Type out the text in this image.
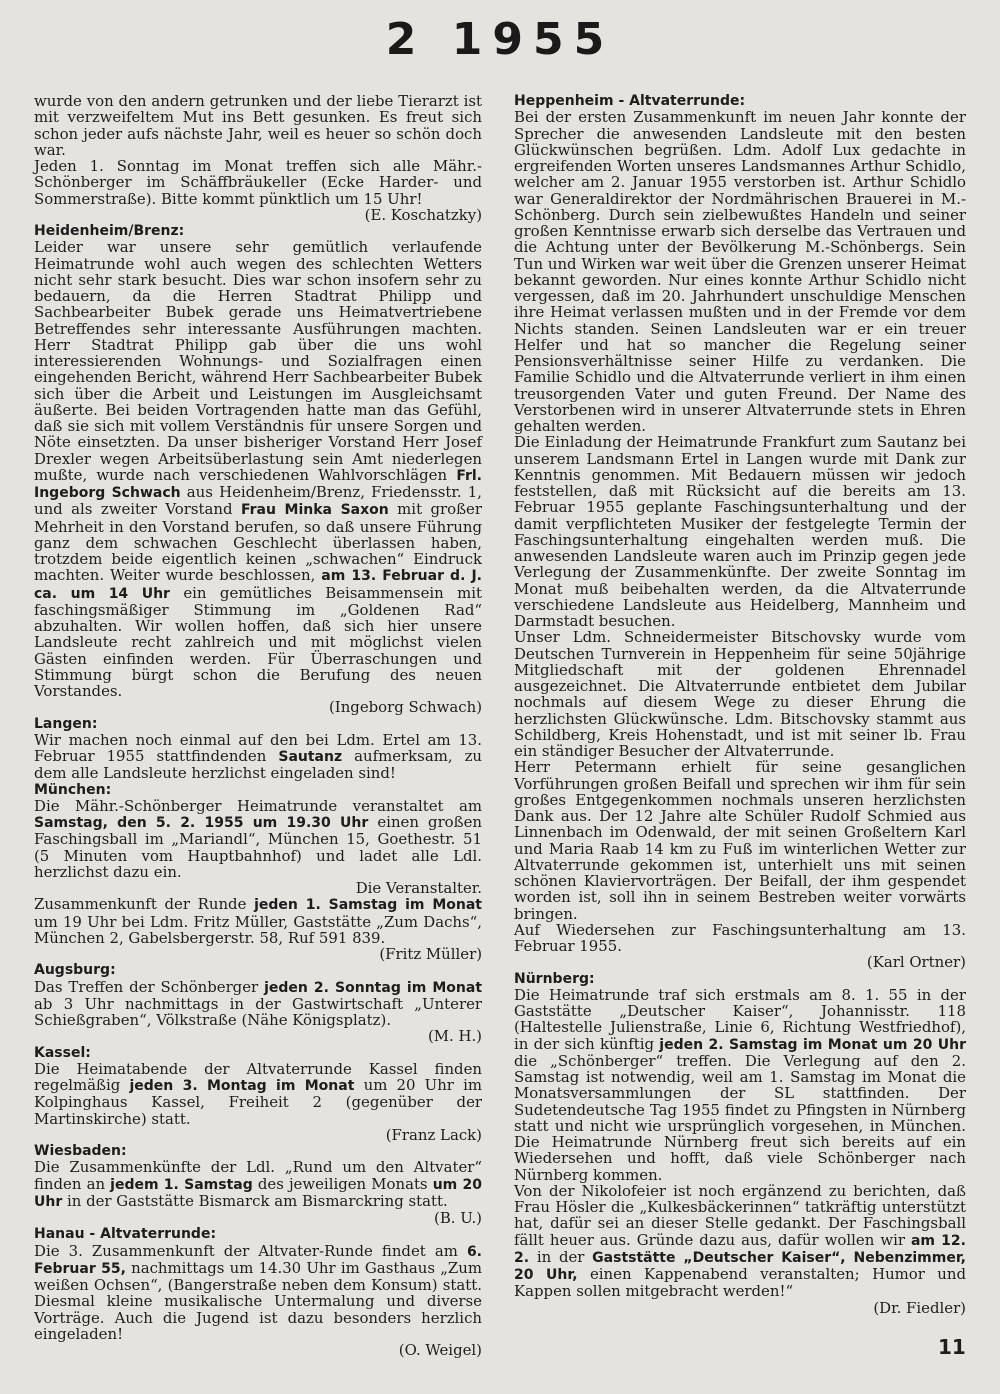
2 1955

wurde von den andern getrunken und der liebe Tierarzt ist mit verzweifeltem Mut ins Bett gesunken. Es freut sich schon jeder aufs nächste Jahr, weil es heuer so schön doch war.

Jeden 1. Sonntag im Monat treffen sich alle Mähr.-Schönberger im Schäffbräukeller (Ecke Harder- und Sommerstraße). Bitte kommt pünktlich um 15 Uhr!

(E. Koschatzky)

Heidenheim/Brenz:

Leider war unsere sehr gemütlich verlaufende Heimatrunde wohl auch wegen des schlechten Wetters nicht sehr stark besucht. Dies war schon insofern sehr zu bedauern, da die Herren Stadtrat Philipp und Sachbearbeiter Bubek gerade uns Heimatvertriebene Betreffendes sehr interessante Ausführungen machten. Herr Stadtrat Philipp gab über die uns wohl interessierenden Wohnungs- und Sozialfragen einen eingehenden Bericht, während Herr Sachbearbeiter Bubek sich über die Arbeit und Leistungen im Ausgleichsamt äußerte. Bei beiden Vortragenden hatte man das Gefühl, daß sie sich mit vollem Verständnis für unsere Sorgen und Nöte einsetzten. Da unser bisheriger Vorstand Herr Josef Drexler wegen Arbeitsüberlastung sein Amt niederlegen mußte, wurde nach verschiedenen Wahlvorschlägen Frl. Ingeborg Schwach aus Heidenheim/Brenz, Friedensstr. 1, und als zweiter Vorstand Frau Minka Saxon mit großer Mehrheit in den Vorstand berufen, so daß unsere Führung ganz dem schwachen Geschlecht überlassen haben, trotzdem beide eigentlich keinen „schwachen“ Eindruck machten. Weiter wurde beschlossen, am 13. Februar d. J. ca. um 14 Uhr ein gemütliches Beisammensein mit faschingsmäßiger Stimmung im „Goldenen Rad“ abzuhalten. Wir wollen hoffen, daß sich hier unsere Landsleute recht zahlreich und mit möglichst vielen Gästen einfinden werden. Für Überraschungen und Stimmung bürgt schon die Berufung des neuen Vorstandes.

(Ingeborg Schwach)

Langen:

Wir machen noch einmal auf den bei Ldm. Ertel am 13. Februar 1955 stattfindenden Sautanz aufmerksam, zu dem alle Landsleute herzlichst eingeladen sind!

München:

Die Mähr.-Schönberger Heimatrunde veranstaltet am Samstag, den 5. 2. 1955 um 19.30 Uhr einen großen Faschingsball im „Mariandl“, München 15, Goethestr. 51 (5 Minuten vom Hauptbahnhof) und ladet alle Ldl. herzlichst dazu ein.

Die Veranstalter.

Zusammenkunft der Runde jeden 1. Samstag im Monat um 19 Uhr bei Ldm. Fritz Müller, Gaststätte „Zum Dachs“, München 2, Gabelsbergerstr. 58, Ruf 591 839.

(Fritz Müller)

Augsburg:

Das Treffen der Schönberger jeden 2. Sonntag im Monat ab 3 Uhr nachmittags in der Gastwirtschaft „Unterer Schießgraben“, Völkstraße (Nähe Königsplatz).

(M. H.)

Kassel:

Die Heimatabende der Altvaterrunde Kassel finden regelmäßig jeden 3. Montag im Monat um 20 Uhr im Kolpinghaus Kassel, Freiheit 2 (gegenüber der Martinskirche) statt.

(Franz Lack)

Wiesbaden:

Die Zusammenkünfte der Ldl. „Rund um den Altvater“ finden an jedem 1. Samstag des jeweiligen Monats um 20 Uhr in der Gaststätte Bismarck am Bismarckring statt.

(B. U.)

Hanau - Altvaterrunde:

Die 3. Zusammenkunft der Altvater-Runde findet am 6. Februar 55, nachmittags um 14.30 Uhr im Gasthaus „Zum weißen Ochsen“, (Bangerstraße neben dem Konsum) statt. Diesmal kleine musikalische Untermalung und diverse Vorträge. Auch die Jugend ist dazu besonders herzlich eingeladen!

(O. Weigel)

Heppenheim - Altvaterrunde:

Bei der ersten Zusammenkunft im neuen Jahr konnte der Sprecher die anwesenden Landsleute mit den besten Glückwünschen begrüßen. Ldm. Adolf Lux gedachte in ergreifenden Worten unseres Landsmannes Arthur Schidlo, welcher am 2. Januar 1955 verstorben ist. Arthur Schidlo war Generaldirektor der Nordmährischen Brauerei in M.-Schönberg. Durch sein zielbewußtes Handeln und seiner großen Kenntnisse erwarb sich derselbe das Vertrauen und die Achtung unter der Bevölkerung M.-Schönbergs. Sein Tun und Wirken war weit über die Grenzen unserer Heimat bekannt geworden. Nur eines konnte Arthur Schidlo nicht vergessen, daß im 20. Jahrhundert unschuldige Menschen ihre Heimat verlassen mußten und in der Fremde vor dem Nichts standen. Seinen Landsleuten war er ein treuer Helfer und hat so mancher die Regelung seiner Pensionsverhältnisse seiner Hilfe zu verdanken. Die Familie Schidlo und die Altvaterrunde verliert in ihm einen treusorgenden Vater und guten Freund. Der Name des Verstorbenen wird in unserer Altvaterrunde stets in Ehren gehalten werden.

Die Einladung der Heimatrunde Frankfurt zum Sautanz bei unserem Landsmann Ertel in Langen wurde mit Dank zur Kenntnis genommen. Mit Bedauern müssen wir jedoch feststellen, daß mit Rücksicht auf die bereits am 13. Februar 1955 geplante Faschingsunterhaltung und der damit verpflichteten Musiker der festgelegte Termin der Faschingsunterhaltung eingehalten werden muß. Die anwesenden Landsleute waren auch im Prinzip gegen jede Verlegung der Zusammenkünfte. Der zweite Sonntag im Monat muß beibehalten werden, da die Altvaterrunde verschiedene Landsleute aus Heidelberg, Mannheim und Darmstadt besuchen.

Unser Ldm. Schneidermeister Bitschovsky wurde vom Deutschen Turnverein in Heppenheim für seine 50jährige Mitgliedschaft mit der goldenen Ehrennadel ausgezeichnet. Die Altvaterrunde entbietet dem Jubilar nochmals auf diesem Wege zu dieser Ehrung die herzlichsten Glückwünsche. Ldm. Bitschovsky stammt aus Schildberg, Kreis Hohenstadt, und ist mit seiner lb. Frau ein ständiger Besucher der Altvaterrunde.

Herr Petermann erhielt für seine gesanglichen Vorführungen großen Beifall und sprechen wir ihm für sein großes Entgegenkommen nochmals unseren herzlichsten Dank aus. Der 12 Jahre alte Schüler Rudolf Schmied aus Linnenbach im Odenwald, der mit seinen Großeltern Karl und Maria Raab 14 km zu Fuß im winterlichen Wetter zur Altvaterrunde gekommen ist, unterhielt uns mit seinen schönen Klaviervorträgen. Der Beifall, der ihm gespendet worden ist, soll ihn in seinem Bestreben weiter vorwärts bringen.

Auf Wiedersehen zur Faschingsunterhaltung am 13. Februar 1955.

(Karl Ortner)

Nürnberg:

Die Heimatrunde traf sich erstmals am 8. 1. 55 in der Gaststätte „Deutscher Kaiser“, Johannisstr. 118 (Haltestelle Julienstraße, Linie 6, Richtung Westfriedhof), in der sich künftig jeden 2. Samstag im Monat um 20 Uhr die „Schönberger“ treffen. Die Verlegung auf den 2. Samstag ist notwendig, weil am 1. Samstag im Monat die Monatsversammlungen der SL stattfinden. Der Sudetendeutsche Tag 1955 findet zu Pfingsten in Nürnberg statt und nicht wie ursprünglich vorgesehen, in München. Die Heimatrunde Nürnberg freut sich bereits auf ein Wiedersehen und hofft, daß viele Schönberger nach Nürnberg kommen.

Von der Nikolofeier ist noch ergänzend zu berichten, daß Frau Hösler die „Kulkesbäckerinnen“ tatkräftig unterstützt hat, dafür sei an dieser Stelle gedankt. Der Faschingsball fällt heuer aus. Gründe dazu aus, dafür wollen wir am 12. 2. in der Gaststätte „Deutscher Kaiser“, Nebenzimmer, 20 Uhr, einen Kappenabend veranstalten; Humor und Kappen sollen mitgebracht werden!“

(Dr. Fiedler)

11
